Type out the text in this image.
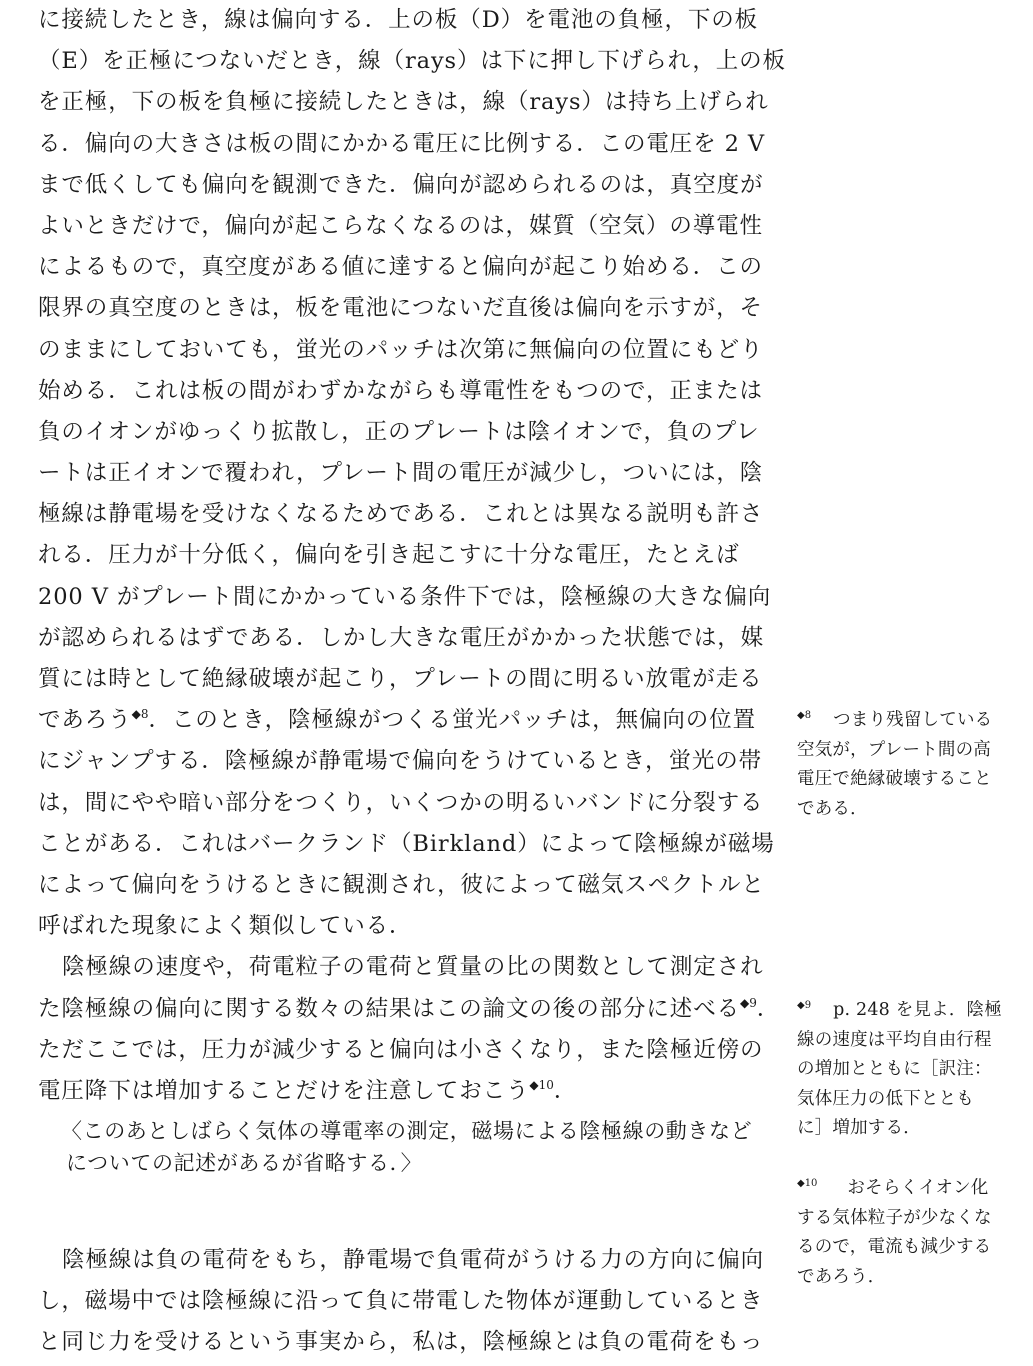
に接続したとき，線は偏向する．上の板（D）を電池の負極，下の板
（E）を正極につないだとき，線（rays）は下に押し下げられ，上の板
を正極，下の板を負極に接続したときは，線（rays）は持ち上げられ
る．偏向の大きさは板の間にかかる電圧に比例する．この電圧を 2 V
まで低くしても偏向を観測できた．偏向が認められるのは，真空度が
よいときだけで，偏向が起こらなくなるのは，媒質（空気）の導電性
によるもので，真空度がある値に達すると偏向が起こり始める．この
限界の真空度のときは，板を電池につないだ直後は偏向を示すが，そ
のままにしておいても，蛍光のパッチは次第に無偏向の位置にもどり
始める．これは板の間がわずかながらも導電性をもつので，正または
負のイオンがゆっくり拡散し，正のプレートは陰イオンで，負のプレ
ートは正イオンで覆われ，プレート間の電圧が減少し，ついには，陰
極線は静電場を受けなくなるためである．これとは異なる説明も許さ
れる．圧力が十分低く，偏向を引き起こすに十分な電圧，たとえば
200 V がプレート間にかかっている条件下では，陰極線の大きな偏向
が認められるはずである．しかし大きな電圧がかかった状態では，媒
質には時として絶縁破壊が起こり，プレートの間に明るい放電が走る
であろう$^{◆8}$．このとき，陰極線がつくる蛍光パッチは，無偏向の位置
にジャンプする．陰極線が静電場で偏向をうけているとき，蛍光の帯
は，間にやや暗い部分をつくり，いくつかの明るいバンドに分裂する
ことがある．これはバークランド（Birkland）によって陰極線が磁場
によって偏向をうけるときに観測され，彼によって磁気スペクトルと
呼ばれた現象によく類似している．
陰極線の速度や，荷電粒子の電荷と質量の比の関数として測定され
た陰極線の偏向に関する数々の結果はこの論文の後の部分に述べる$^{◆9}$．
ただここでは，圧力が減少すると偏向は小さくなり，また陰極近傍の
電圧降下は増加することだけを注意しておこう$^{◆10}$．
〈このあとしばらく気体の導電率の測定，磁場による陰極線の動きなど
についての記述があるが省略する．〉
陰極線は負の電荷をもち，静電場で負電荷がうける力の方向に偏向
し，磁場中では陰極線に沿って負に帯電した物体が運動しているとき
と同じ力を受けるという事実から，私は，陰極線とは負の電荷をもっ
$^{◆8}$ つまり残留している
空気が，プレート間の高
電圧で絶縁破壊すること
である．
$^{◆9}$ p. 248 を見よ．陰極
線の速度は平均自由行程
の増加とともに［訳注：
気体圧力の低下ととも
に］増加する．
$^{◆10}$ おそらくイオン化
する気体粒子が少なくな
るので，電流も減少する
であろう．
